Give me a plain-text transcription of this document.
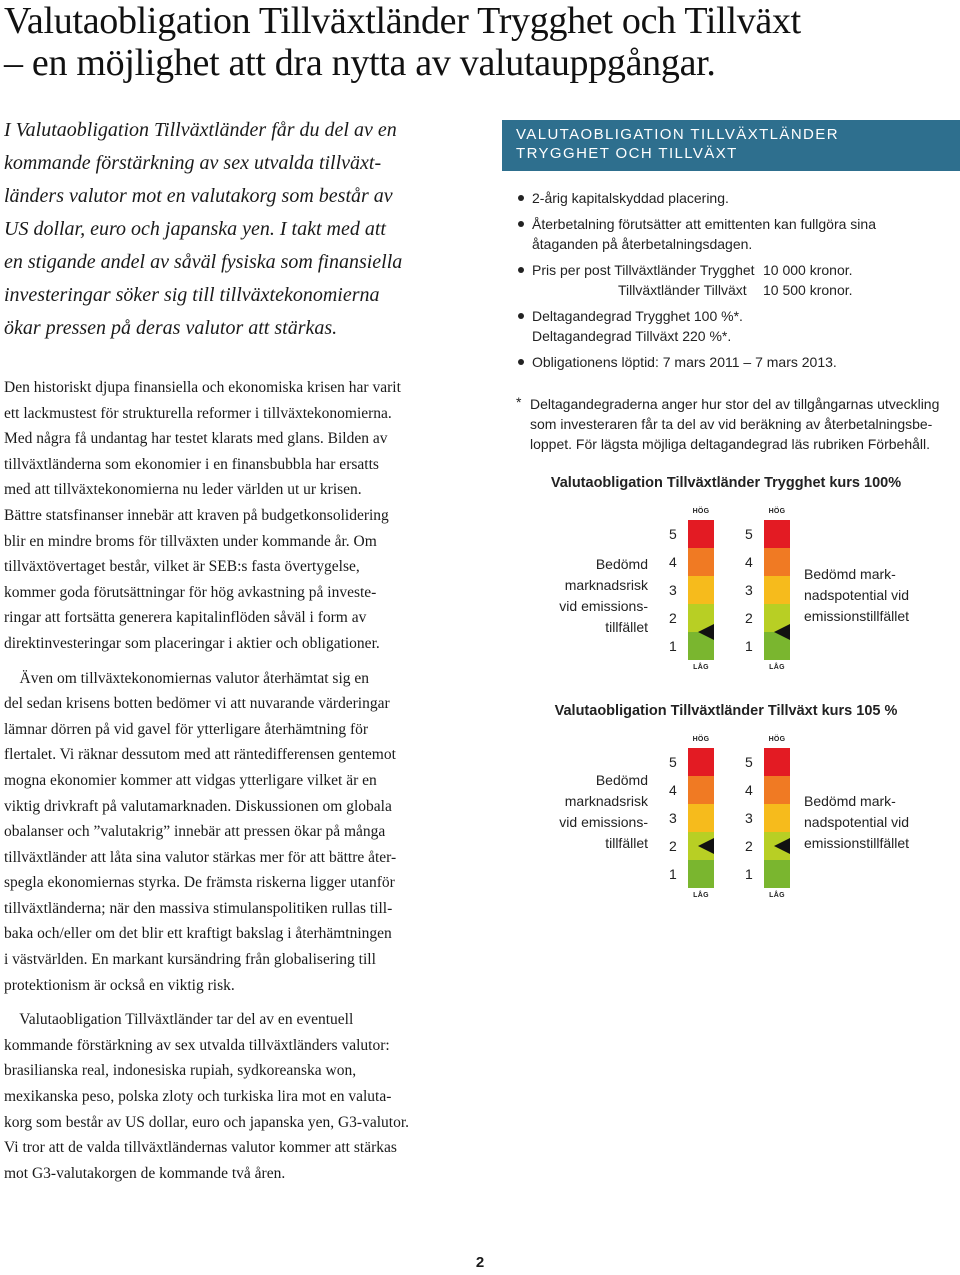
Valutaobligation Tillväxtländer Trygghet och Tillväxt

– en möjlighet att dra nytta av valutauppgångar.

I Valutaobligation Tillväxtländer får du del av en

kommande förstärkning av sex utvalda tillväxt-

länders valutor mot en valutakorg som består av

US dollar, euro och japanska yen. I takt med att

en stigande andel av såväl fysiska som finansiella

investeringar söker sig till tillväxtekonomierna

ökar pressen på deras valutor att stärkas.

Den historiskt djupa finansiella och ekonomiska krisen har varit

ett lackmustest för strukturella reformer i tillväxtekonomierna.

Med några få undantag har testet klarats med glans. Bilden av

tillväxtländerna som ekonomier i en finansbubbla har ersatts

med att tillväxtekonomierna nu leder världen ut ur krisen.

Bättre statsfinanser innebär att kraven på budgetkonsolidering

blir en mindre broms för tillväxten under kommande år. Om

tillväxtövertaget består, vilket är SEB:s fasta övertygelse,

kommer goda förutsättningar för hög avkastning på investe-

ringar att fortsätta generera kapitalinflöden såväl i form av

direktinvesteringar som placeringar i aktier och obligationer.

Även om tillväxtekonomiernas valutor återhämtat sig en

del sedan krisens botten bedömer vi att nuvarande värderingar

lämnar dörren på vid gavel för ytterligare återhämtning för

flertalet. Vi räknar dessutom med att räntedifferensen gentemot

mogna ekonomier kommer att vidgas ytterligare vilket är en

viktig drivkraft på valutamarknaden. Diskussionen om globala

obalanser och ”valutakrig” innebär att pressen ökar på många

tillväxtländer att låta sina valutor stärkas mer för att bättre åter-

spegla ekonomiernas styrka. De främsta riskerna ligger utanför

tillväxtländerna; när den massiva stimulanspolitiken rullas till-

baka och/eller om det blir ett kraftigt bakslag i återhämtningen

i västvärlden. En markant kursändring från globalisering till

protektionism är också en viktig risk.

Valutaobligation Tillväxtländer tar del av en eventuell

kommande förstärkning av sex utvalda tillväxtländers valutor:

brasilianska real, indonesiska rupiah, sydkoreanska won,

mexikanska peso, polska zloty och turkiska lira mot en valuta-

korg som består av US dollar, euro och japanska yen, G3-valutor.

Vi tror att de valda tillväxtländernas valutor kommer att stärkas

mot G3-valutakorgen de kommande två åren.

VALUTAOBLIGATION TILLVÄXTLÄNDER

TRYGGHET OCH TILLVÄXT

2-årig kapitalskyddad placering.
Återbetalning förutsätter att emittenten kan fullgöra sina
åtaganden på återbetalningsdagen.
Pris per post Tillväxtländer Trygghet 10 000 kronor.
Tillväxtländer Tillväxt 10 500 kronor.
Deltagandegrad Trygghet 100 %*.
Deltagandegrad Tillväxt 220 %*.
Obligationens löptid: 7 mars 2011 – 7 mars 2013.
* Deltagandegraderna anger hur stor del av tillgångarnas utveckling

som investeraren får ta del av vid beräkning av återbetalningsbe-

loppet. För lägsta möjliga deltagandegrad läs rubriken Förbehåll.

Valutaobligation Tillväxtländer Trygghet kurs 100%
Bedömd
marknadsrisk
vid emissions-
tillfället
HÖG
5
4
3
2
1
LÅG
HÖG
5
4
3
2
1
LÅG
Bedömd mark-
nadspotential vid
emissionstillfället
Valutaobligation Tillväxtländer Tillväxt kurs 105 %
Bedömd
marknadsrisk
vid emissions-
tillfället
HÖG
5
4
3
2
1
LÅG
HÖG
5
4
3
2
1
LÅG
Bedömd mark-
nadspotential vid
emissionstillfället
2
